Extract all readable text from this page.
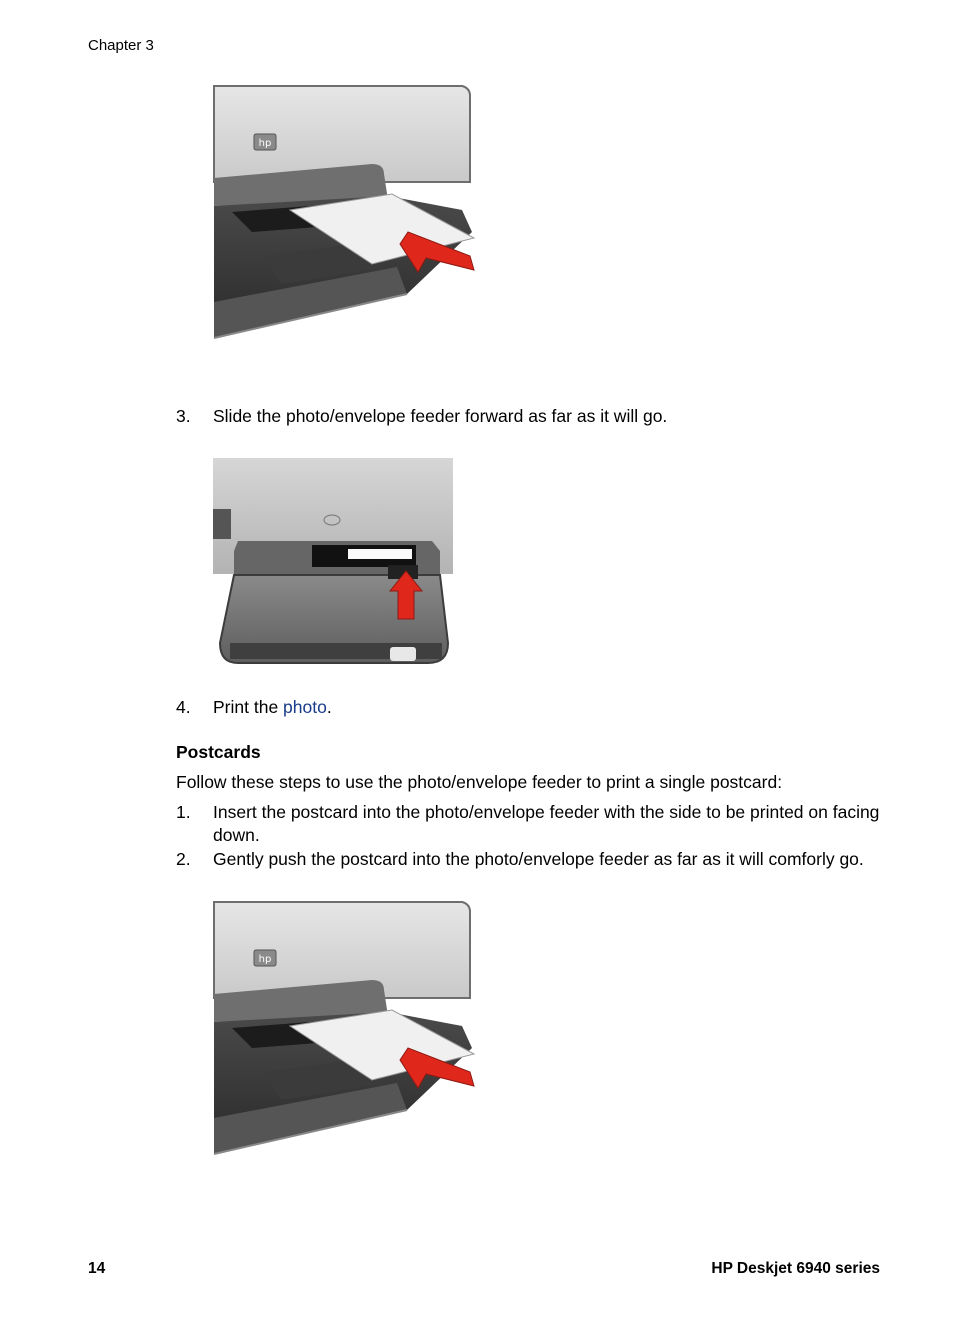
Chapter 3
hp
3. Slide the photo/envelope feeder forward as far as it will go.
4. Print the photo.
Postcards
Follow these steps to use the photo/envelope feeder to print a single postcard:
1. Insert the postcard into the photo/envelope feeder with the side to be printed on facing down.
2. Gently push the postcard into the photo/envelope feeder as far as it will comforly go.
hp
14	HP Deskjet 6940 series
